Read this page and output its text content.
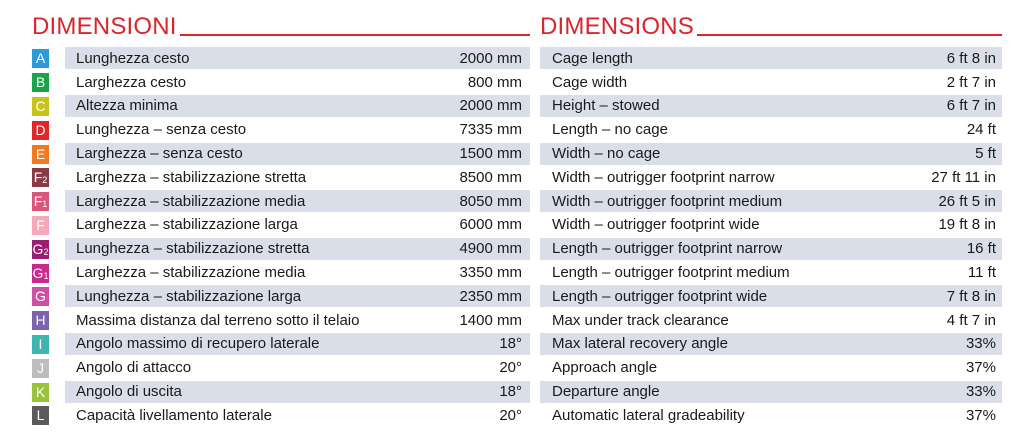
DIMENSIONI
A Lunghezza cesto	2000 mm
B Larghezza cesto	800 mm
C Altezza minima	2000 mm
D Lunghezza – senza cesto	7335 mm
E Larghezza – senza cesto	1500 mm
$F_2$ Larghezza – stabilizzazione stretta	8500 mm
$F_1$ Larghezza – stabilizzazione media	8050 mm
F Larghezza – stabilizzazione larga	6000 mm
$G_2$ Lunghezza – stabilizzazione stretta	4900 mm
$G_1$ Larghezza – stabilizzazione media	3350 mm
G Lunghezza – stabilizzazione larga	2350 mm
H Massima distanza dal terreno sotto il telaio	1400 mm
I	Angolo massimo di recupero laterale	18°
J	Angolo di attacco	20°
K Angolo di uscita	18°
L	Capacità livellamento laterale	20°
DIMENSIONS
Cage length	6 ft 8 in
Cage width	2 ft 7 in
Height – stowed	6 ft 7 in
Length – no cage	24 ft
Width – no cage	5 ft
Width – outrigger footprint narrow	27 ft 11 in
Width – outrigger footprint medium	26 ft 5 in
Width – outrigger footprint wide	19 ft 8 in
Length – outrigger footprint narrow	16 ft
Length – outrigger footprint medium	11 ft
Length – outrigger footprint wide	7 ft 8 in
Max under track clearance	4 ft 7 in
Max lateral recovery angle	33%
Approach angle	37%
Departure angle	33%
Automatic lateral gradeability	37%
